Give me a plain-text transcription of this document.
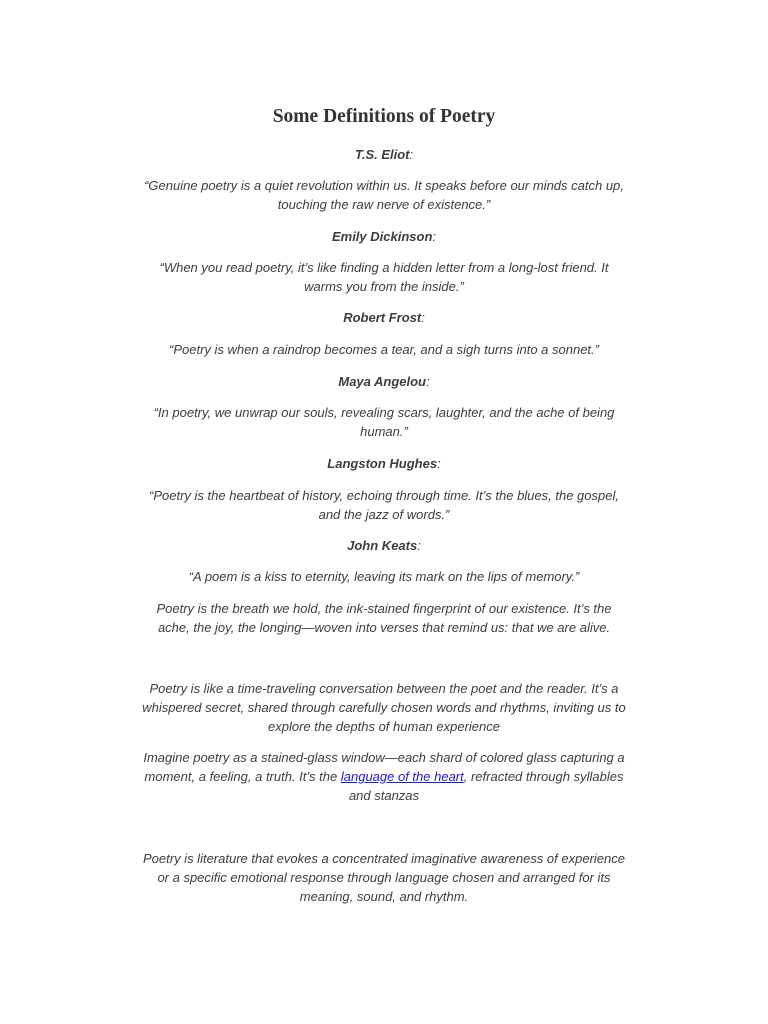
Some Definitions of Poetry

T.S. Eliot:

“Genuine poetry is a quiet revolution within us. It speaks before our minds catch up, touching the raw nerve of existence.”

Emily Dickinson:

“When you read poetry, it’s like finding a hidden letter from a long-lost friend. It warms you from the inside.”

Robert Frost:

“Poetry is when a raindrop becomes a tear, and a sigh turns into a sonnet.”

Maya Angelou:

“In poetry, we unwrap our souls, revealing scars, laughter, and the ache of being human.”

Langston Hughes:

“Poetry is the heartbeat of history, echoing through time. It’s the blues, the gospel, and the jazz of words.”

John Keats:

“A poem is a kiss to eternity, leaving its mark on the lips of memory.”

Poetry is the breath we hold, the ink-stained fingerprint of our existence. It’s the ache, the joy, the longing—woven into verses that remind us: that we are alive.

Poetry is like a time-traveling conversation between the poet and the reader. It’s a whispered secret, shared through carefully chosen words and rhythms, inviting us to explore the depths of human experience

Imagine poetry as a stained-glass window—each shard of colored glass capturing a moment, a feeling, a truth. It’s the language of the heart, refracted through syllables and stanzas

Poetry is literature that evokes a concentrated imaginative awareness of experience or a specific emotional response through language chosen and arranged for its meaning, sound, and rhythm.
